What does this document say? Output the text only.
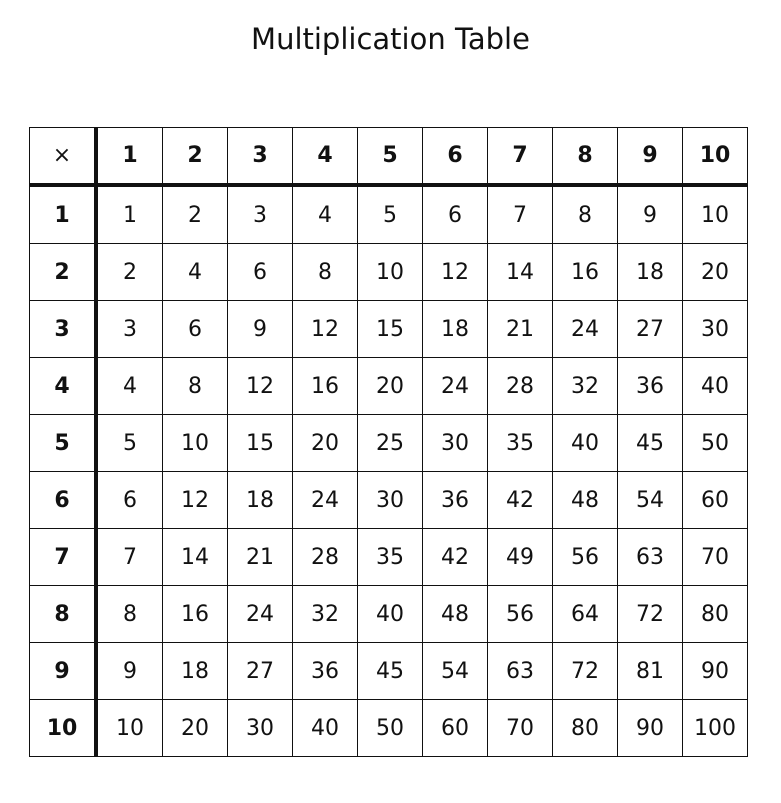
Multiplication Table
×	1	2	3	4	5	6	7	8	9	10
1	1	2	3	4	5	6	7	8	9	10
2	2	4	6	8	10	12	14	16	18	20
3	3	6	9	12	15	18	21	24	27	30
4	4	8	12	16	20	24	28	32	36	40
5	5	10	15	20	25	30	35	40	45	50
6	6	12	18	24	30	36	42	48	54	60
7	7	14	21	28	35	42	49	56	63	70
8	8	16	24	32	40	48	56	64	72	80
9	9	18	27	36	45	54	63	72	81	90
10	10	20	30	40	50	60	70	80	90	100
